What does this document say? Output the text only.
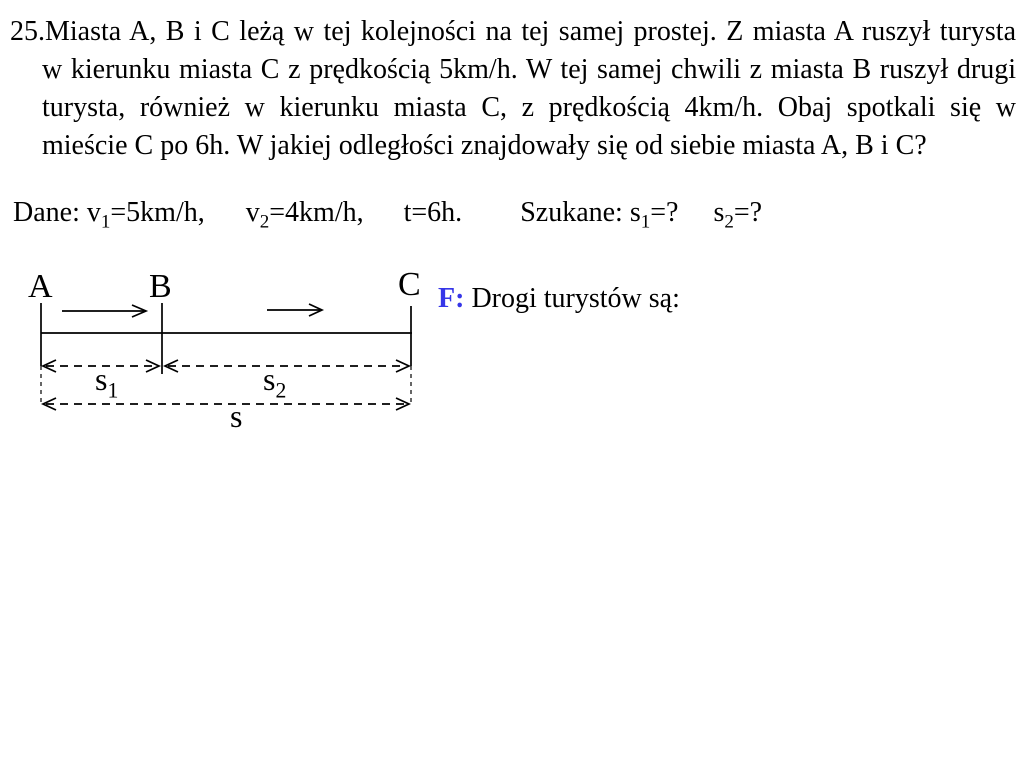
25.Miasta A, B i C leżą w tej kolejności na tej samej prostej. Z miasta A ruszył turysta
w kierunku miasta C z prędkością 5km/h. W tej samej chwili z miasta B ruszył drugi
turysta, również w kierunku miasta C, z prędkością 4km/h. Obaj spotkali się w
mieście C po 6h. W jakiej odległości znajdowały się od siebie miasta A, B i C?
Dane: $v_1=5km/h$, $v_2=4km/h$, t=6h. Szukane: $s_1=$? $s_2=$?
A	B	C
$s_1$	$s_2$
s
F: Drogi turystów są:
